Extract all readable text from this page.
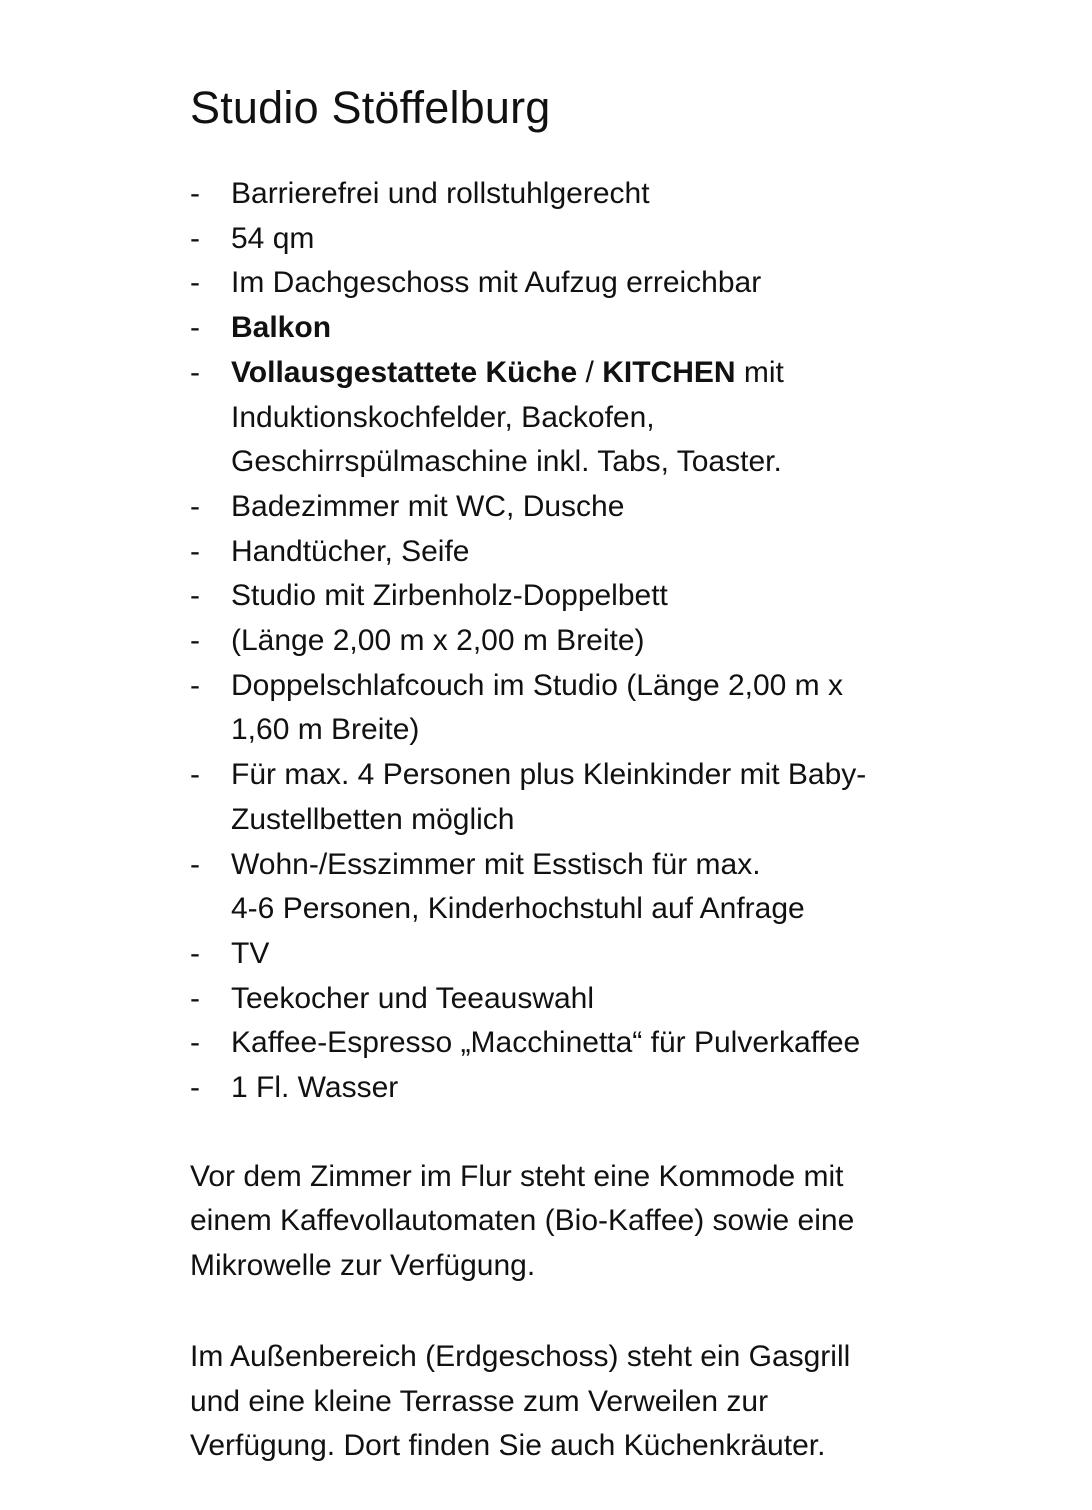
Studio Stöffelburg
- Barrierefrei und rollstuhlgerecht
- 54 qm
- Im Dachgeschoss mit Aufzug erreichbar
- Balkon
- Vollausgestattete Küche / KITCHEN mit
Induktionskochfelder, Backofen,
Geschirrspülmaschine inkl. Tabs, Toaster.
- Badezimmer mit WC, Dusche
- Handtücher, Seife
- Studio mit Zirbenholz-Doppelbett
- (Länge 2,00 m x 2,00 m Breite)
- Doppelschlafcouch im Studio (Länge 2,00 m x
1,60 m Breite)
- Für max. 4 Personen plus Kleinkinder mit Baby-
Zustellbetten möglich
- Wohn-/Esszimmer mit Esstisch für max.
4-6 Personen, Kinderhochstuhl auf Anfrage
- TV
- Teekocher und Teeauswahl
- Kaffee-Espresso „Macchinetta“ für Pulverkaffee
- 1 Fl. Wasser

Vor dem Zimmer im Flur steht eine Kommode mit
einem Kaffevollautomaten (Bio-Kaffee) sowie eine
Mikrowelle zur Verfügung.

Im Außenbereich (Erdgeschoss) steht ein Gasgrill
und eine kleine Terrasse zum Verweilen zur
Verfügung. Dort finden Sie auch Küchenkräuter.
